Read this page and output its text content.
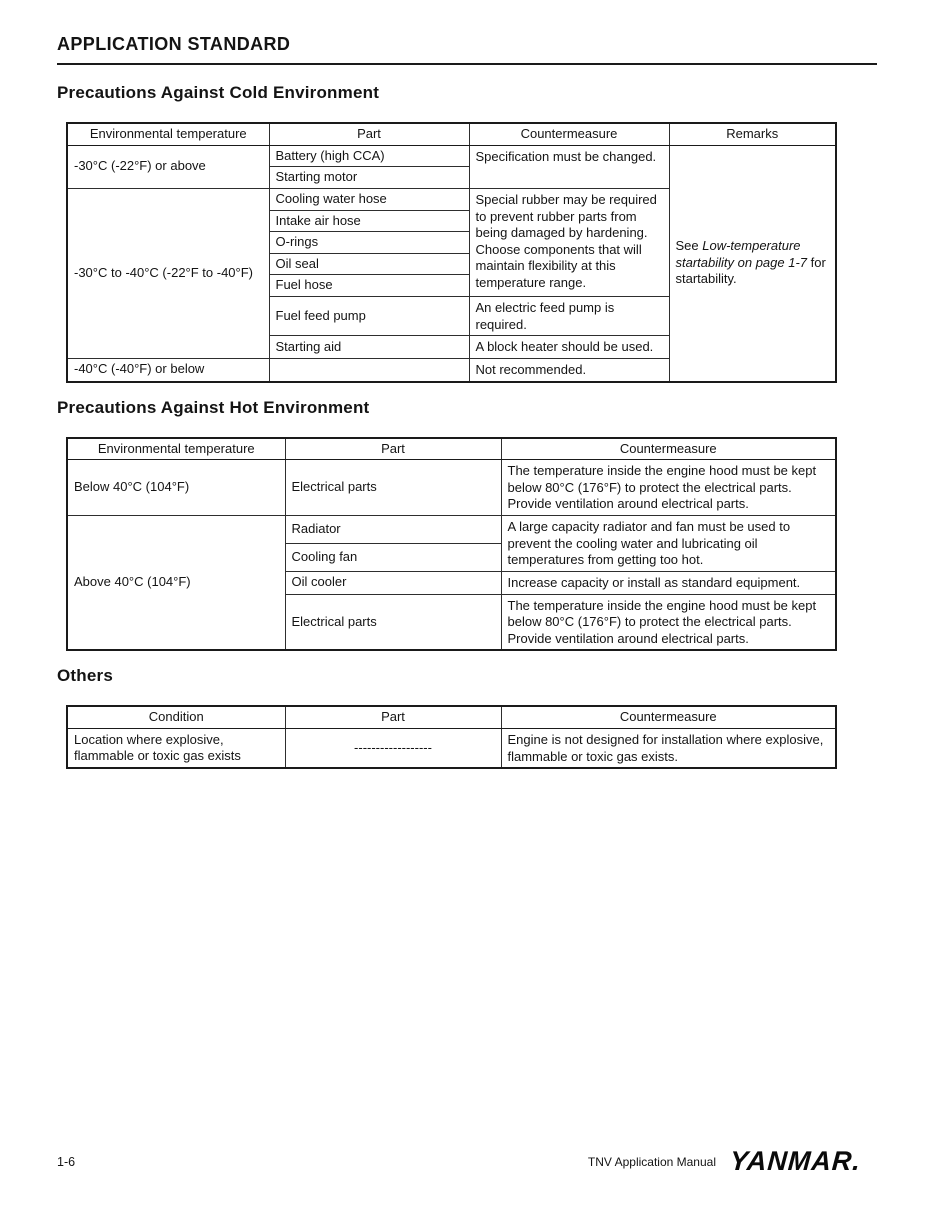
APPLICATION STANDARD
Precautions Against Cold Environment
Environmental temperature	Part	Countermeasure	Remarks
-30°C (-22°F) or above	Battery (high CCA)	Specification must be changed.	See Low-temperature startability on page 1-7 for startability.
	Starting motor		
-30°C to -40°C (-22°F to -40°F)	Cooling water hose	Special rubber may be required to prevent rubber parts from being damaged by hardening. Choose components that will maintain flexibility at this temperature range.	
	Intake air hose		
	O-rings		
	Oil seal		
	Fuel hose		
	Fuel feed pump	An electric feed pump is required.	
	Starting aid	A block heater should be used.	
-40°C (-40°F) or below		Not recommended.	
Precautions Against Hot Environment
Environmental temperature	Part	Countermeasure
Below 40°C (104°F)	Electrical parts	The temperature inside the engine hood must be kept below 80°C (176°F) to protect the electrical parts. Provide ventilation around electrical parts.
Above 40°C (104°F)	Radiator	A large capacity radiator and fan must be used to prevent the cooling water and lubricating oil temperatures from getting too hot.
	Cooling fan	
	Oil cooler	Increase capacity or install as standard equipment.
	Electrical parts	The temperature inside the engine hood must be kept below 80°C (176°F) to protect the electrical parts. Provide ventilation around electrical parts.
Others
Condition	Part	Countermeasure
Location where explosive, flammable or toxic gas exists	------------------	Engine is not designed for installation where explosive, flammable or toxic gas exists.
1-6	TNV Application Manual YANMAR.
